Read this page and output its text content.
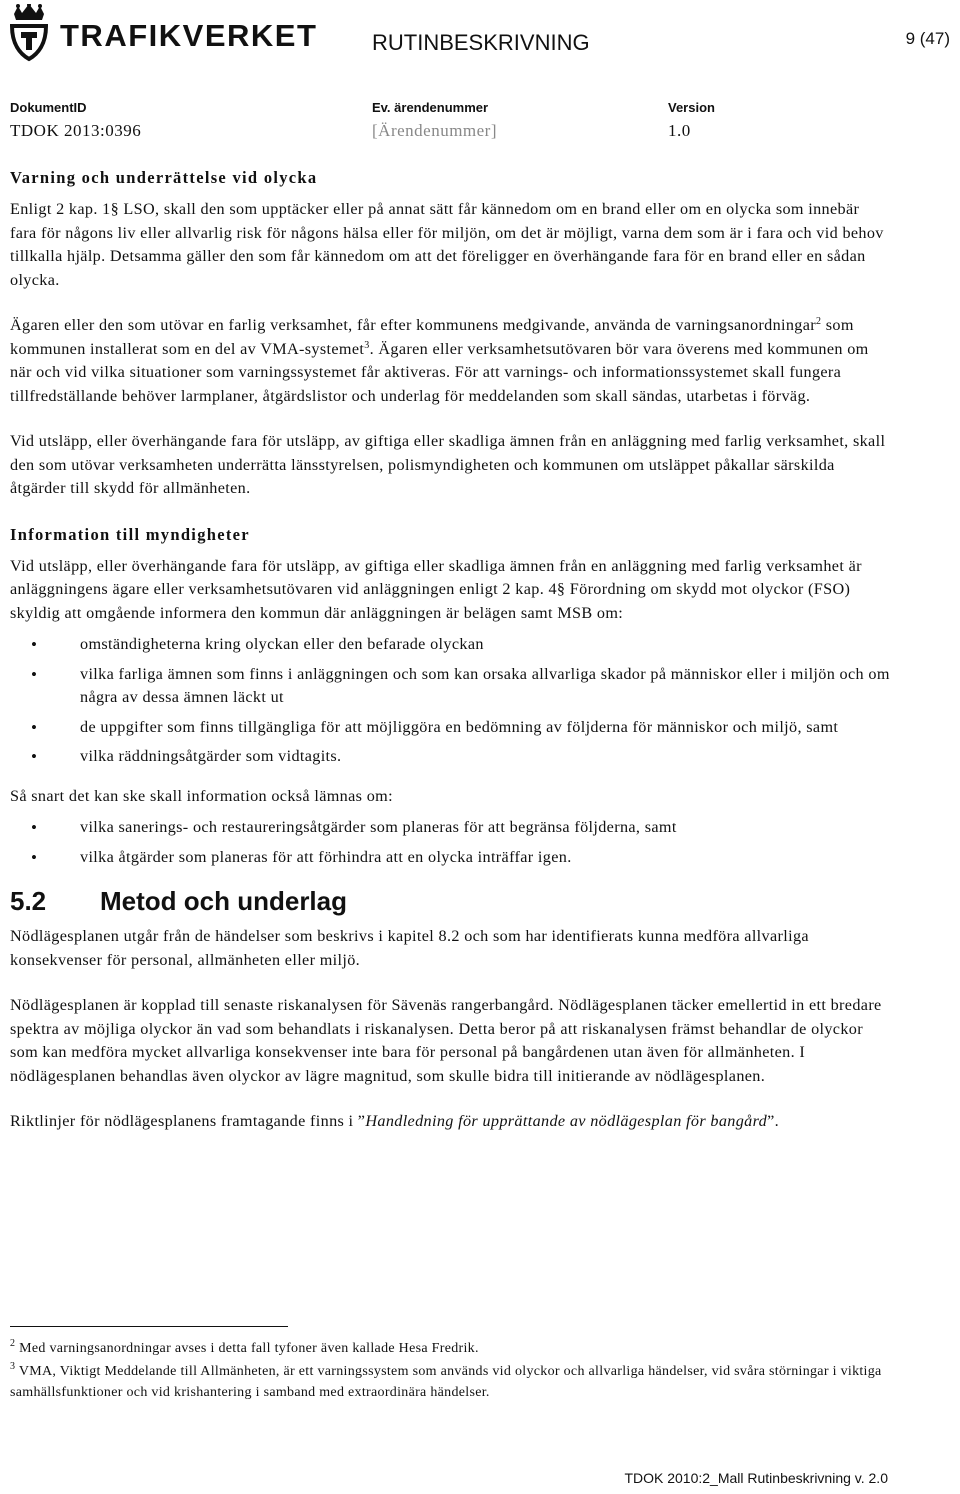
TRAFIKVERKET RUTINBESKRIVNING	9 (47)
DokumentID
TDOK 2013:0396
Ev. ärendenummer
[Ärendenummer]
Version
1.0
Varning och underrättelse vid olycka

Enligt 2 kap. 1§ LSO, skall den som upptäcker eller på annat sätt får kännedom om en brand eller om en olycka som innebär fara för någons liv eller allvarlig risk för någons hälsa eller för miljön, om det är möjligt, varna dem som är i fara och vid behov tillkalla hjälp. Detsamma gäller den som får kännedom om att det föreligger en överhängande fara för en brand eller en sådan olycka.

Ägaren eller den som utövar en farlig verksamhet, får efter kommunens medgivande, använda de varningsanordningar$^2$ som kommunen installerat som en del av VMA-systemet$^3$. Ägaren eller verksamhetsutövaren bör vara överens med kommunen om när och vid vilka situationer som varningssystemet får aktiveras. För att varnings- och informationssystemet skall fungera tillfredställande behöver larmplaner, åtgärdslistor och underlag för meddelanden som skall sändas, utarbetas i förväg.

Vid utsläpp, eller överhängande fara för utsläpp, av giftiga eller skadliga ämnen från en anläggning med farlig verksamhet, skall den som utövar verksamheten underrätta länsstyrelsen, polismyndigheten och kommunen om utsläppet påkallar särskilda åtgärder till skydd för allmänheten.

Information till myndigheter

Vid utsläpp, eller överhängande fara för utsläpp, av giftiga eller skadliga ämnen från en anläggning med farlig verksamhet är anläggningens ägare eller verksamhetsutövaren vid anläggningen enligt 2 kap. 4§ Förordning om skydd mot olyckor (FSO) skyldig att omgående informera den kommun där anläggningen är belägen samt MSB om:

• omständigheterna kring olyckan eller den befarade olyckan
• vilka farliga ämnen som finns i anläggningen och som kan orsaka allvarliga skador på människor eller i miljön och om några av dessa ämnen läckt ut
• de uppgifter som finns tillgängliga för att möjliggöra en bedömning av följderna för människor och miljö, samt
• vilka räddningsåtgärder som vidtagits.

Så snart det kan ske skall information också lämnas om:

• vilka sanerings- och restaureringsåtgärder som planeras för att begränsa följderna, samt
• vilka åtgärder som planeras för att förhindra att en olycka inträffar igen.
5.2 Metod och underlag

Nödlägesplanen utgår från de händelser som beskrivs i kapitel 8.2 och som har identifierats kunna medföra allvarliga konsekvenser för personal, allmänheten eller miljö.

Nödlägesplanen är kopplad till senaste riskanalysen för Sävenäs rangerbangård. Nödlägesplanen täcker emellertid in ett bredare spektra av möjliga olyckor än vad som behandlats i riskanalysen. Detta beror på att riskanalysen främst behandlar de olyckor som kan medföra mycket allvarliga konsekvenser inte bara för personal på bangårdenen utan även för allmänheten. I nödlägesplanen behandlas även olyckor av lägre magnitud, som skulle bidra till initierande av nödlägesplanen.

Riktlinjer för nödlägesplanens framtagande finns i ”Handledning för upprättande av nödlägesplan för bangård”.

$^2$ Med varningsanordningar avses i detta fall tyfoner även kallade Hesa Fredrik.

$^3$ VMA, Viktigt Meddelande till Allmänheten, är ett varningssystem som används vid olyckor och allvarliga händelser, vid svåra störningar i viktiga samhällsfunktioner och vid krishantering i samband med extraordinära händelser.

TDOK 2010:2_Mall Rutinbeskrivning v. 2.0
